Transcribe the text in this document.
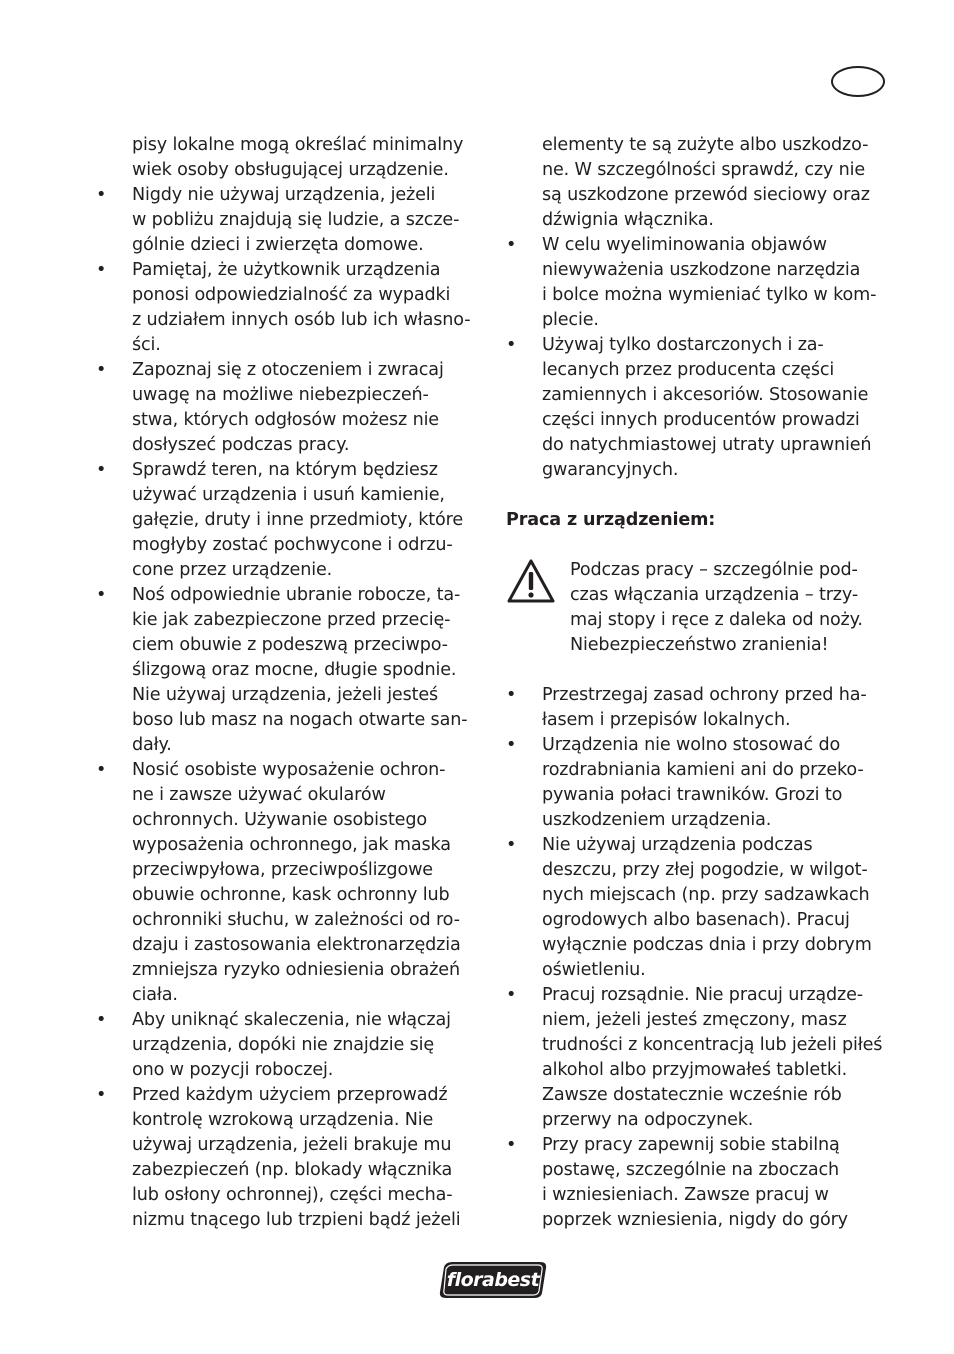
pisy lokalne mogą określać minimalny
wiek osoby obsługującej urządzenie.
•	Nigdy nie używaj urządzenia, jeżeli
w pobliżu znajdują się ludzie, a szcze-
gólnie dzieci i zwierzęta domowe.
•	Pamiętaj, że użytkownik urządzenia
ponosi odpowiedzialność za wypadki
z udziałem innych osób lub ich własno-
ści.
•	Zapoznaj się z otoczeniem i zwracaj
uwagę na możliwe niebezpieczeń-
stwa, których odgłosów możesz nie
dosłyszeć podczas pracy.
•	Sprawdź teren, na którym będziesz
używać urządzenia i usuń kamienie,
gałęzie, druty i inne przedmioty, które
mogłyby zostać pochwycone i odrzu-
cone przez urządzenie.
•	Noś odpowiednie ubranie robocze, ta-
kie jak zabezpieczone przed przecię-
ciem obuwie z podeszwą przeciwpo-
ślizgową oraz mocne, długie spodnie.
Nie używaj urządzenia, jeżeli jesteś
boso lub masz na nogach otwarte san-
dały.
•	Nosić osobiste wyposażenie ochron-
ne i zawsze używać okularów
ochronnych. Używanie osobistego
wyposażenia ochronnego, jak maska
przeciwpyłowa, przeciwpoślizgowe
obuwie ochronne, kask ochronny lub
ochronniki słuchu, w zależności od ro-
dzaju i zastosowania elektronarzędzia
zmniejsza ryzyko odniesienia obrażeń
ciała.
•	Aby uniknąć skaleczenia, nie włączaj
urządzenia, dopóki nie znajdzie się
ono w pozycji roboczej.
•	Przed każdym użyciem przeprowadź
kontrolę wzrokową urządzenia. Nie
używaj urządzenia, jeżeli brakuje mu
zabezpieczeń (np. blokady włącznika
lub osłony ochronnej), części mecha-
nizmu tnącego lub trzpieni bądź jeżeli
elementy te są zużyte albo uszkodzo-
ne. W szczególności sprawdź, czy nie
są uszkodzone przewód sieciowy oraz
dźwignia włącznika.
•	W celu wyeliminowania objawów
niewyważenia uszkodzone narzędzia
i bolce można wymieniać tylko w kom-
plecie.
•	Używaj tylko dostarczonych i za-
lecanych przez producenta części
zamiennych i akcesoriów. Stosowanie
części innych producentów prowadzi
do natychmiastowej utraty uprawnień
gwarancyjnych.
Praca z urządzeniem:
Podczas pracy – szczególnie pod-
czas włączania urządzenia – trzy-
maj stopy i ręce z daleka od noży.
Niebezpieczeństwo zranienia!
•	Przestrzegaj zasad ochrony przed ha-
łasem i przepisów lokalnych.
•	Urządzenia nie wolno stosować do
rozdrabniania kamieni ani do przeko-
pywania połaci trawników. Grozi to
uszkodzeniem urządzenia.
•	Nie używaj urządzenia podczas
deszczu, przy złej pogodzie, w wilgot-
nych miejscach (np. przy sadzawkach
ogrodowych albo basenach). Pracuj
wyłącznie podczas dnia i przy dobrym
oświetleniu.
•	Pracuj rozsądnie. Nie pracuj urządze-
niem, jeżeli jesteś zmęczony, masz
trudności z koncentracją lub jeżeli piłeś
alkohol albo przyjmowałeś tabletki.
Zawsze dostatecznie wcześnie rób
przerwy na odpoczynek.
•	Przy pracy zapewnij sobie stabilną
postawę, szczególnie na zboczach
i wzniesieniach. Zawsze pracuj w
poprzek wzniesienia, nigdy do góry
florabest
